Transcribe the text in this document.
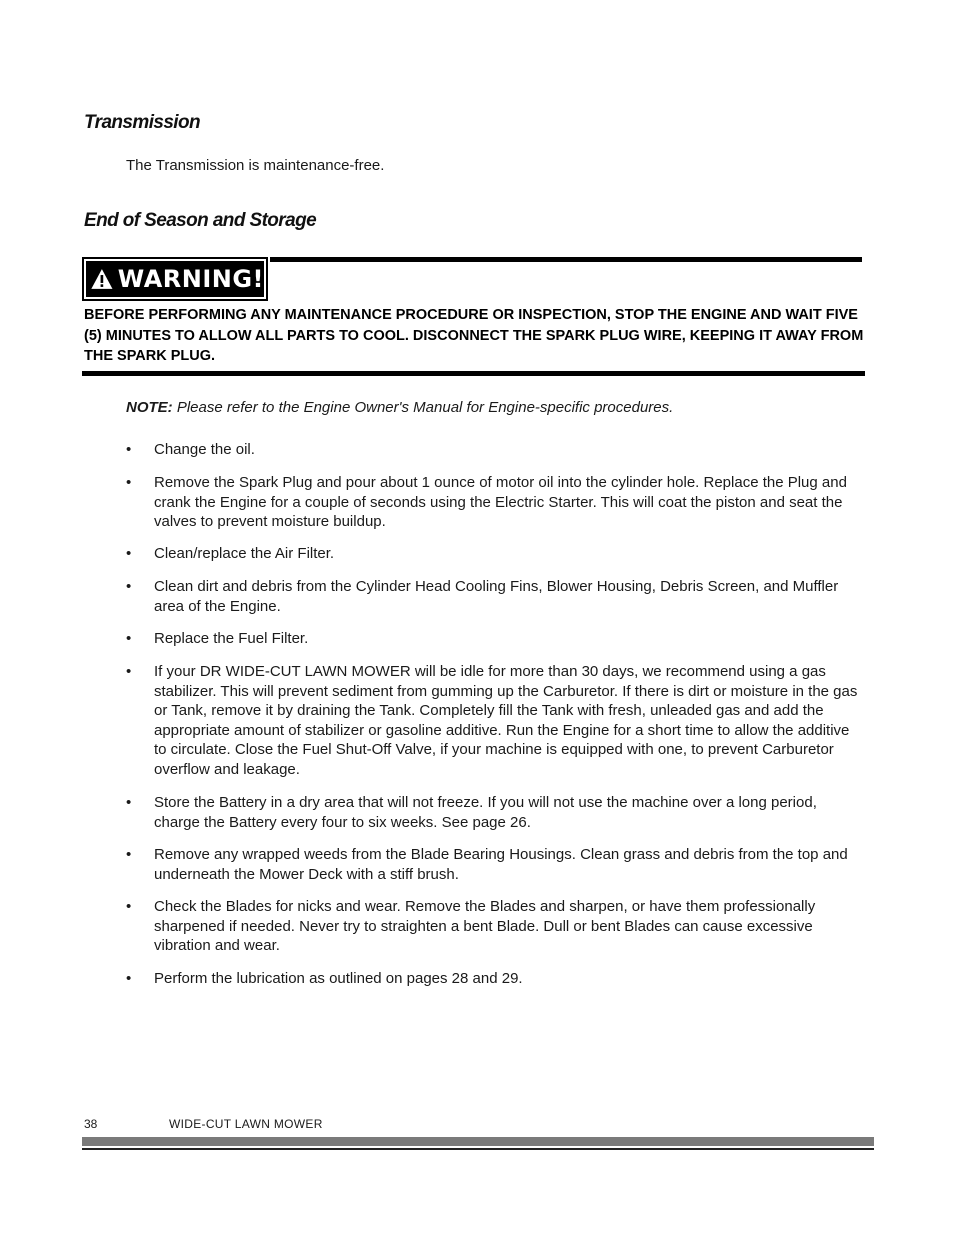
Transmission

The Transmission is maintenance-free.

End of Season and Storage
WARNING!

BEFORE PERFORMING ANY MAINTENANCE PROCEDURE OR INSPECTION, STOP THE ENGINE AND WAIT FIVE (5) MINUTES TO ALLOW ALL PARTS TO COOL. DISCONNECT THE SPARK PLUG WIRE, KEEPING IT AWAY FROM THE SPARK PLUG.

NOTE: Please refer to the Engine Owner's Manual for Engine-specific procedures.

• Change the oil.
• Remove the Spark Plug and pour about 1 ounce of motor oil into the cylinder hole. Replace the Plug and crank the Engine for a couple of seconds using the Electric Starter. This will coat the piston and seat the valves to prevent moisture buildup.
• Clean/replace the Air Filter.
• Clean dirt and debris from the Cylinder Head Cooling Fins, Blower Housing, Debris Screen, and Muffler area of the Engine.
• Replace the Fuel Filter.
• If your DR WIDE-CUT LAWN MOWER will be idle for more than 30 days, we recommend using a gas stabilizer. This will prevent sediment from gumming up the Carburetor. If there is dirt or moisture in the gas or Tank, remove it by draining the Tank. Completely fill the Tank with fresh, unleaded gas and add the appropriate amount of stabilizer or gasoline additive. Run the Engine for a short time to allow the additive to circulate. Close the Fuel Shut-Off Valve, if your machine is equipped with one, to prevent Carburetor overflow and leakage.
• Store the Battery in a dry area that will not freeze. If you will not use the machine over a long period, charge the Battery every four to six weeks. See page 26.
• Remove any wrapped weeds from the Blade Bearing Housings. Clean grass and debris from the top and underneath the Mower Deck with a stiff brush.
• Check the Blades for nicks and wear. Remove the Blades and sharpen, or have them professionally sharpened if needed. Never try to straighten a bent Blade. Dull or bent Blades can cause excessive vibration and wear.
• Perform the lubrication as outlined on pages 28 and 29.

38	WIDE-CUT LAWN MOWER
